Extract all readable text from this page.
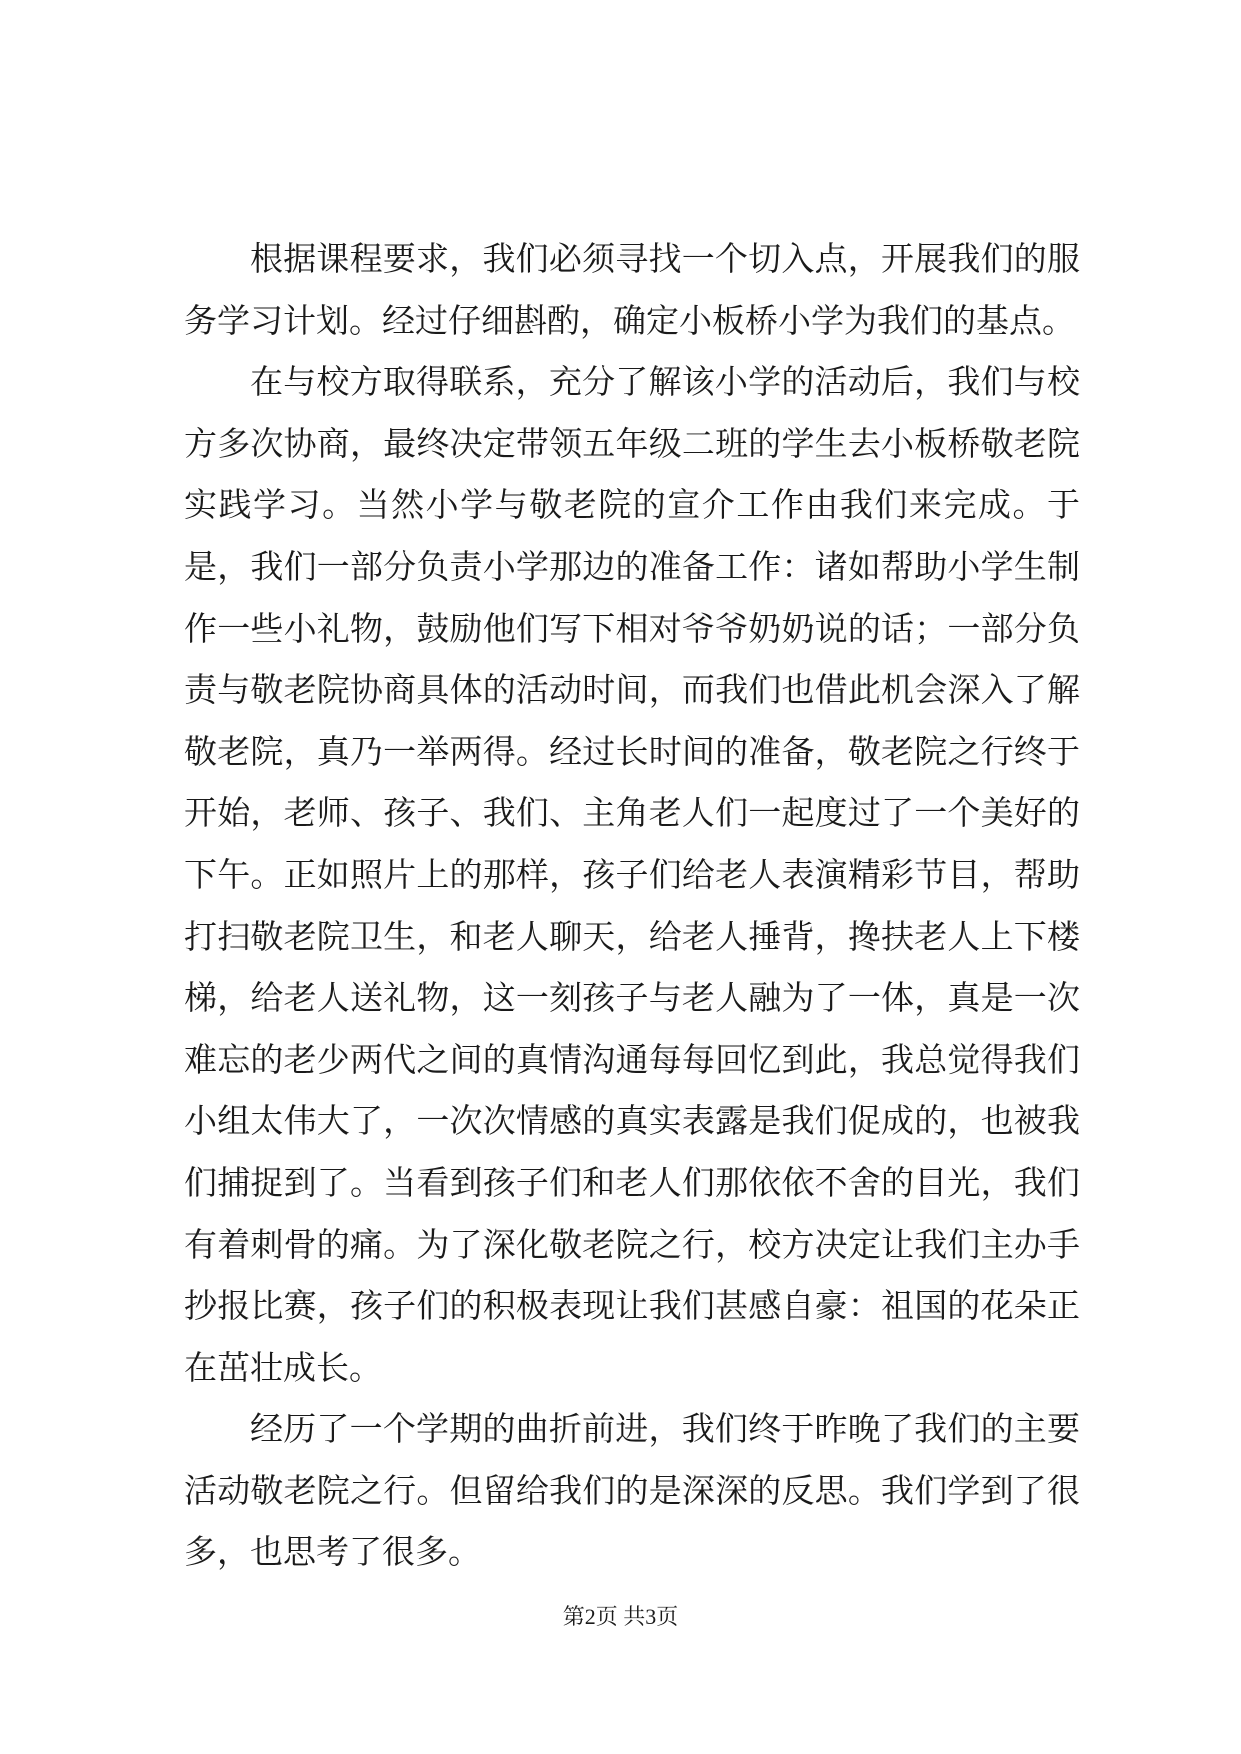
根据课程要求，我们必须寻找一个切入点，开展我们的服务学习计划。经过仔细斟酌，确定小板桥小学为我们的基点。

在与校方取得联系，充分了解该小学的活动后，我们与校方多次协商，最终决定带领五年级二班的学生去小板桥敬老院实践学习。当然小学与敬老院的宣介工作由我们来完成。于是，我们一部分负责小学那边的准备工作：诸如帮助小学生制作一些小礼物，鼓励他们写下相对爷爷奶奶说的话；一部分负责与敬老院协商具体的活动时间，而我们也借此机会深入了解敬老院，真乃一举两得。经过长时间的准备，敬老院之行终于开始，老师、孩子、我们、主角老人们一起度过了一个美好的下午。正如照片上的那样，孩子们给老人表演精彩节目，帮助打扫敬老院卫生，和老人聊天，给老人捶背，搀扶老人上下楼梯，给老人送礼物，这一刻孩子与老人融为了一体，真是一次难忘的老少两代之间的真情沟通每每回忆到此，我总觉得我们小组太伟大了，一次次情感的真实表露是我们促成的，也被我们捕捉到了。当看到孩子们和老人们那依依不舍的目光，我们有着刺骨的痛。为了深化敬老院之行，校方决定让我们主办手抄报比赛，孩子们的积极表现让我们甚感自豪：祖国的花朵正在茁壮成长。

经历了一个学期的曲折前进，我们终于昨晚了我们的主要活动敬老院之行。但留给我们的是深深的反思。我们学到了很多，也思考了很多。

第2页 共3页
